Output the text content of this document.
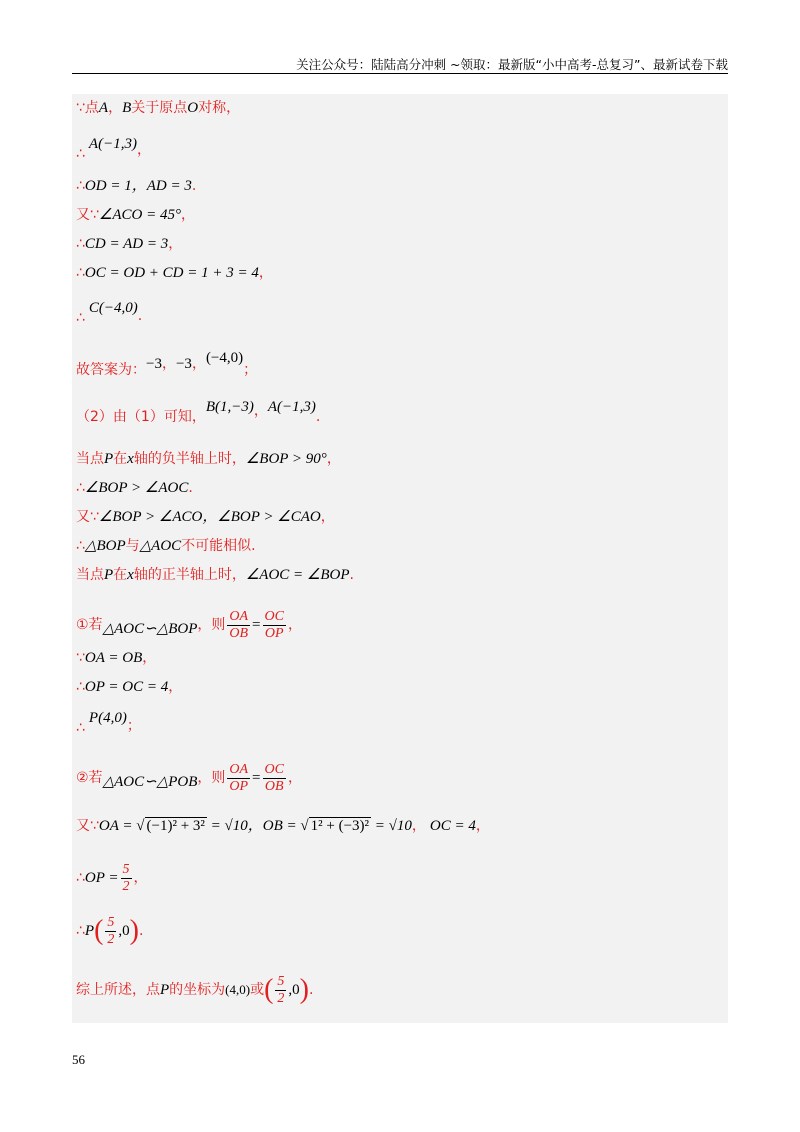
关注公众号：陆陆高分冲刺 ~领取：最新版“小中高考-总复习”、最新试卷下载
∵点A，B关于原点O对称，
∴A(−1,3)，
∴OD = 1，AD = 3.
又∵∠ACO = 45°，
∴CD = AD = 3，
∴OC = OD + CD = 1 + 3 = 4，
∴C(−4,0).
故答案为：−3，−3，(−4,0)；
（2）由（1）可知，B(1,−3)，A(−1,3).
当点P在x轴的负半轴上时，∠BOP > 90°，
∴∠BOP > ∠AOC.
又∵∠BOP > ∠ACO，∠BOP > ∠CAO，
∴△BOP与△AOC不可能相似.
当点P在x轴的正半轴上时，∠AOC = ∠BOP.
①若△AOC∽△BOP，则 $\frac{OA}{OB} = \frac{OC}{OP}$ ，
∵OA = OB，
∴OP = OC = 4，
∴P(4,0)；
②若△AOC∽△POB，则 $\frac{OA}{OP} = \frac{OC}{OB}$ ，
又∵OA = √ (−1)² + 3² = √10，OB = √ 1² + (−3)² = √10， OC = 4，
∴OP = $\frac{5}{2}$ ，
∴P( $\frac{5}{2} ,0$).
综上所述，点P的坐标为(4,0)或( $\frac{5}{2} ,0$).
56
